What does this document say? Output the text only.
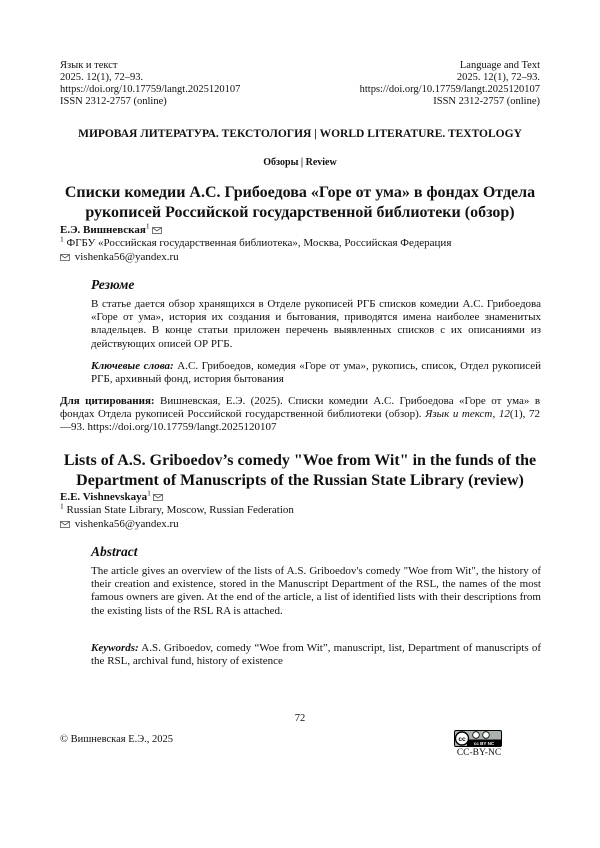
Язык и текст
2025. 12(1), 72–93.
https://doi.org/10.17759/langt.2025120107
ISSN 2312-2757 (online)
Language and Text
2025. 12(1), 72–93.
https://doi.org/10.17759/langt.2025120107
ISSN 2312-2757 (online)
МИРОВАЯ ЛИТЕРАТУРА. ТЕКСТОЛОГИЯ | WORLD LITERATURE. TEXTOLOGY
Обзоры | Review
Списки комедии А.С. Грибоедова «Горе от ума» в фондах Отдела рукописей Российской государственной библиотеки (обзор)
Е.Э. Вишневская1
1 ФГБУ «Российская государственная библиотека», Москва, Российская Федерация
vishenka56@yandex.ru
Резюме
В статье дается обзор хранящихся в Отделе рукописей РГБ списков комедии А.С. Грибоедова «Горе от ума», история их создания и бытования, приводятся имена наиболее знаменитых владельцев. В конце статьи приложен перечень выявленных списков с их описаниями из действующих описей ОР РГБ.
Ключевые слова: А.С. Грибоедов, комедия «Горе от ума», рукопись, список, Отдел рукописей РГБ, архивный фонд, история бытования
Для цитирования: Вишневская, Е.Э. (2025). Списки комедии А.С. Грибоедова «Горе от ума» в фондах Отдела рукописей Российской государственной библиотеки (обзор). Язык и текст, 12(1), 72—93. https://doi.org/10.17759/langt.2025120107
Lists of A.S. Griboedov’s comedy "Woe from Wit" in the funds of the Department of Manuscripts of the Russian State Library (review)
E.E. Vishnevskaya1
1 Russian State Library, Moscow, Russian Federation
vishenka56@yandex.ru
Abstract
The article gives an overview of the lists of A.S. Griboedov's comedy "Woe from Wit", the history of their creation and existence, stored in the Manuscript Department of the RSL, the names of the most famous owners are given. At the end of the article, a list of identified lists with their descriptions from the existing lists of the RSL RA is attached.
Keywords: A.S. Griboedov, comedy “Woe from Wit”, manuscript, list, Department of manuscripts of the RSL, archival fund, history of existence
72
© Вишневская Е.Э., 2025	cc
cc BY NC
CC-BY-NC
